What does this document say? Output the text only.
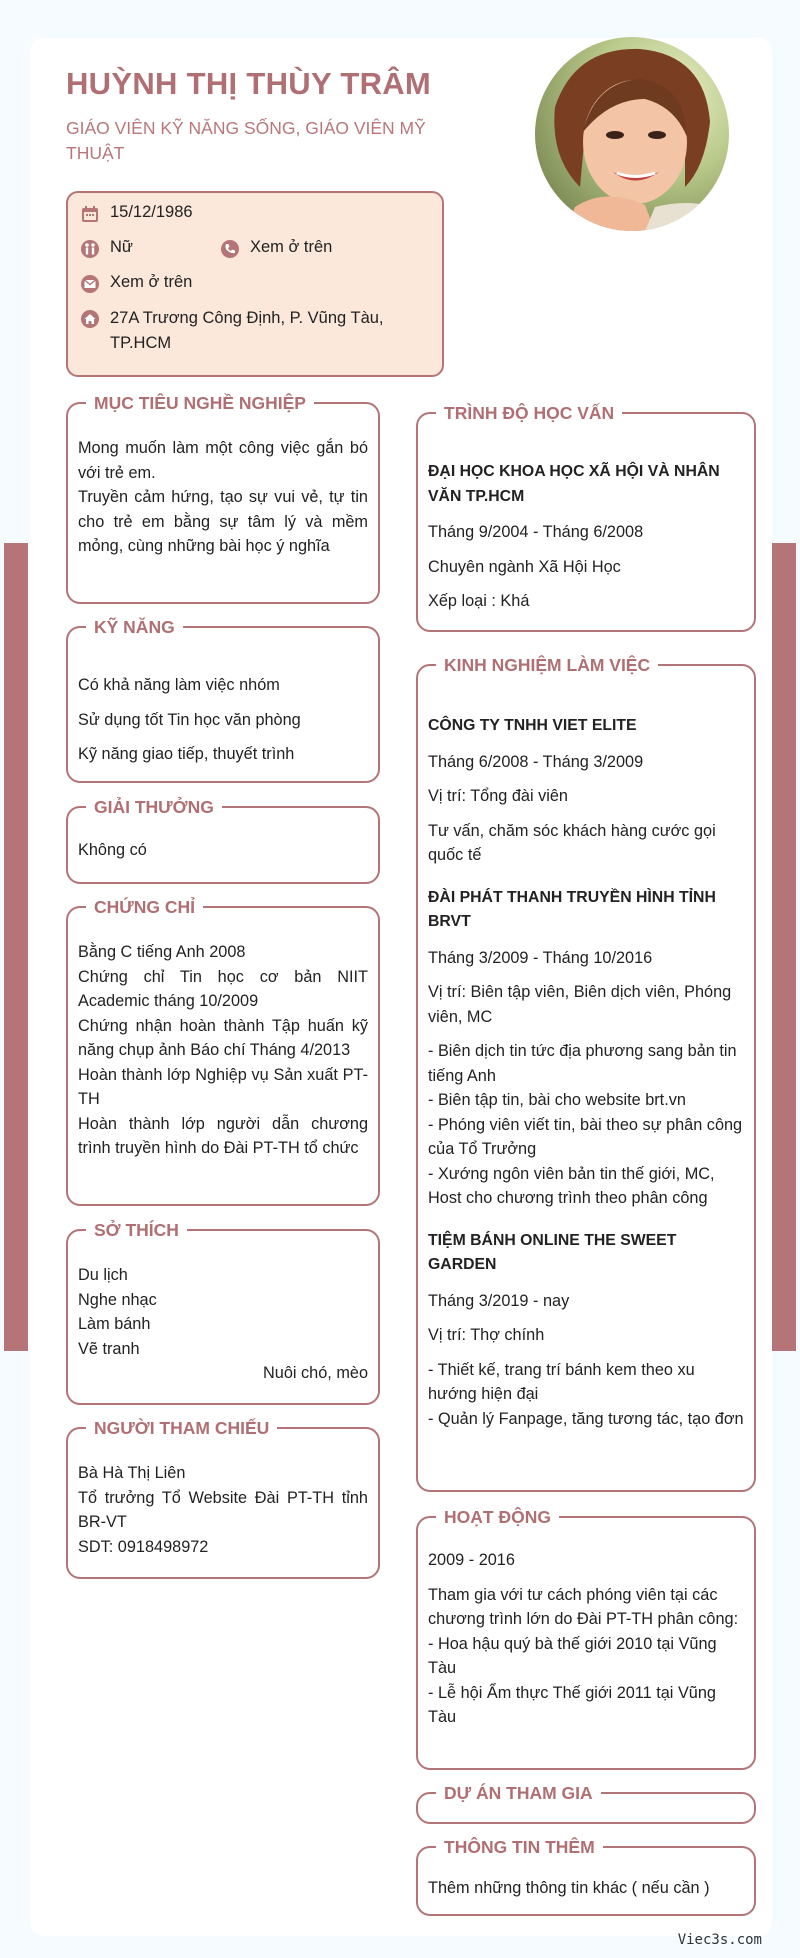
HUỲNH THỊ THÙY TRÂM
GIÁO VIÊN KỸ NĂNG SỐNG, GIÁO VIÊN MỸ THUẬT
15/12/1986
Nữ	Xem ở trên
Xem ở trên
27A Trương Công Định, P. Vũng Tàu, TP.HCM
MỤC TIÊU NGHỀ NGHIỆP
Mong muốn làm một công việc gắn bó với trẻ em.
Truyền cảm hứng, tạo sự vui vẻ, tự tin cho trẻ em bằng sự tâm lý và mềm mỏng, cùng những bài học ý nghĩa
KỸ NĂNG
Có khả năng làm việc nhóm
Sử dụng tốt Tin học văn phòng
Kỹ năng giao tiếp, thuyết trình
GIẢI THƯỞNG
Không có
CHỨNG CHỈ
Bằng C tiếng Anh 2008
Chứng chỉ Tin học cơ bản NIIT Academic tháng 10/2009
Chứng nhận hoàn thành Tập huấn kỹ năng chụp ảnh Báo chí Tháng 4/2013
Hoàn thành lớp Nghiệp vụ Sản xuất PT-TH
Hoàn thành lớp người dẫn chương trình truyền hình do Đài PT-TH tổ chức
SỞ THÍCH
Du lịch
Nghe nhạc
Làm bánh
Vẽ tranh
Nuôi chó, mèo
NGƯỜI THAM CHIẾU
Bà Hà Thị Liên
Tổ trưởng Tổ Website Đài PT-TH tỉnh BR-VT
SDT: 0918498972
TRÌNH ĐỘ HỌC VẤN
ĐẠI HỌC KHOA HỌC XÃ HỘI VÀ NHÂN VĂN TP.HCM
Tháng 9/2004 - Tháng 6/2008
Chuyên ngành Xã Hội Học
Xếp loại : Khá
KINH NGHIỆM LÀM VIỆC
CÔNG TY TNHH VIET ELITE
Tháng 6/2008 - Tháng 3/2009
Vị trí: Tổng đài viên
Tư vấn, chăm sóc khách hàng cước gọi quốc tế
ĐÀI PHÁT THANH TRUYỀN HÌNH TỈNH BRVT
Tháng 3/2009 - Tháng 10/2016
Vị trí: Biên tập viên, Biên dịch viên, Phóng viên, MC
- Biên dịch tin tức địa phương sang bản tin tiếng Anh
- Biên tập tin, bài cho website brt.vn
- Phóng viên viết tin, bài theo sự phân công của Tổ Trưởng
- Xướng ngôn viên bản tin thế giới, MC, Host cho chương trình theo phân công
TIỆM BÁNH ONLINE THE SWEET GARDEN
Tháng 3/2019 - nay
Vị trí: Thợ chính
- Thiết kế, trang trí bánh kem theo xu hướng hiện đại
- Quản lý Fanpage, tăng tương tác, tạo đơn
HOẠT ĐỘNG
2009 - 2016
Tham gia với tư cách phóng viên tại các chương trình lớn do Đài PT-TH phân công:
- Hoa hậu quý bà thế giới 2010 tại Vũng Tàu
- Lễ hội Ẩm thực Thế giới 2011 tại Vũng Tàu
DỰ ÁN THAM GIA
THÔNG TIN THÊM
Thêm những thông tin khác ( nếu cần )
Viec3s.com
